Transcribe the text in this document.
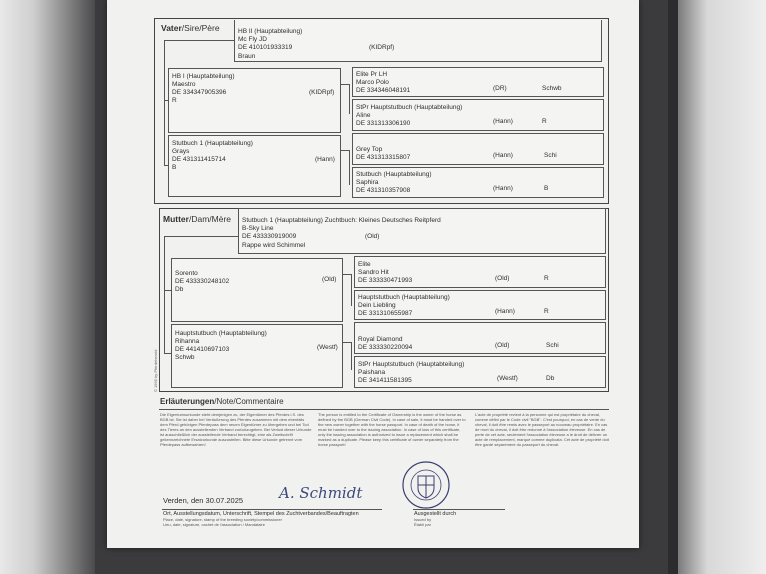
Vater/Sire/Père	HB II (Hauptabteilung)
Mc Fly JD
DE 410101933319	(KIDRpf)
Braun
HB I (Hauptabteilung)
Maestro
DE 334347905396	(KIDRpf)
R
Stutbuch 1 (Hauptabteilung)
Grays
DE 431311415714	(Hann)
B
Elite Pr LH
Marco Polo
DE 334346048191	(DR)	Schwb
StPr Hauptstutbuch (Hauptabteilung)
Aline
DE 331313306190	(Hann)	R
Grey Top
DE 431313315807	(Hann)	Schi
Stutbuch (Hauptabteilung)
Saphira
DE 431310357908	(Hann)	B
Mutter/Dam/Mère Stutbuch 1 (Hauptabteilung) Zuchtbuch: Kleines Deutsches Reitpferd
B-Sky Line
DE 433330919009	(Old)
Rappe wird Schimmel
Sorento
DE 433330248102	(Old)
Db
Hauptstutbuch (Hauptabteilung)
Rihanna
DE 441410697103	(Westf)
Schwb
Elite
Sandro Hit
DE 333330471993	(Old)	R
Hauptstutbuch (Hauptabteilung)
Dein Liebling
DE 331310655987	(Hann)	R
Royal Diamond
DE 333330220094	(Old)	Schi
StPr Hauptstutbuch (Hauptabteilung)
Paishana
DE 341411581395	(Westf)	Db
© 1995 by Pferdeherold
Erläuterungen/Note/Commentaire
Die Eigentumsurkunde steht demjenigen zu, der Eigentümer des Pferdes i.S. des BGB ist. Sie ist daher bei Veräußerung des Pferdes zusammen mit dem ebenfalls dem Pferd gehörigen Pferdepass dem neuen Eigentümer zu übergeben und bei Tod des Tieres an den ausstellenden Verband zurückzugeben. Bei Verlust dieser Urkunde ist ausschließlich der ausstellende Verband berechtigt, eine als Zweitschrift gekennzeichnete Ersatzurkunde auszustellen. Bitte diese Urkunde getrennt vom Pferdepass aufbewahren!
The person is entitled to the Certificate of Ownership is the owner of the horse as defined by the BGB (German Civil Code). In case of sale, it must be handed over to the new owner together with the horse passport. In case of death of the horse, it must be handed over to the issuing association. In case of loss of this certificate, only the issuing association is authorized to issue a replacement which shall be marked as a duplicate. Please keep this certificate of owner separately from the horse passport!
L'acte de propriété revient à la personne qui est propriétaire du cheval, comme défini par le Code civil "BGB". C'est pourquoi, en cas de vente du cheval, il doit être remis avec le passeport au nouveau propriétaire. En cas de mort du cheval, il doit être redonné à l'association éleveuse. En cas de perte de cet acte, seulement l'association éleveuse a le droit de délivrer un acte de remplacement, marqué comme duplicata. Cet acte de propriété doit être gardé séparément du passeport du cheval.
Verden, den 30.07.2025 A. Schmidt
Ort, Ausstellungsdatum, Unterschrift, Stempel des Zuchtverbandes/Beauftragten
Place, date, signature, stamp of the breeding society/commissioner
Lieu, date, signature, cachet de l'association / Mandataire
Ausgestellt durch
Issued by
Établi par
